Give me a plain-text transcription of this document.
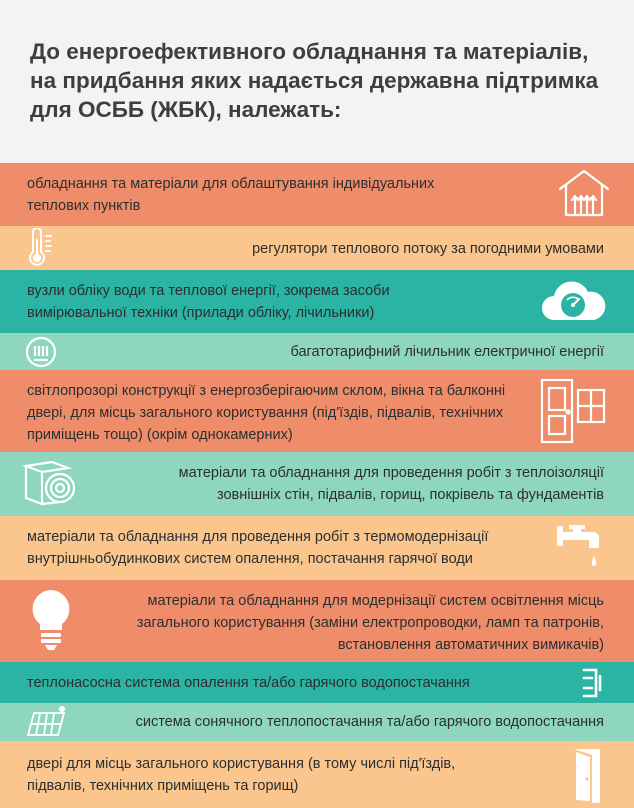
До енергоефективного обладнання та матеріалів, на придбання яких надається державна підтримка для ОСББ (ЖБК), належать:
обладнання та матеріали для облаштування індивідуальних теплових пунктів
регулятори теплового потоку за погодними умовами
вузли обліку води та теплової енергії, зокрема засоби вимірювальної техніки (прилади обліку, лічильники)
багатотарифний лічильник електричної енергії
світлопрозорі конструкції з енергозберігаючим склом, вікна та балконні двері, для місць загального користування (під'їздів, підвалів, технічних приміщень тощо) (окрім однокамерних)
матеріали та обладнання для проведення робіт з теплоізоляції зовнішніх стін, підвалів, горищ, покрівель та фундаментів
матеріали та обладнання для проведення робіт з термомодернізації внутрішньобудинкових систем опалення, постачання гарячої води
матеріали та обладнання для модернізації систем освітлення місць загального користування (заміни електропроводки, ламп та патронів, встановлення автоматичних вимикачів)
теплонасосна система опалення та/або гарячого водопостачання
система сонячного теплопостачання та/або гарячого водопостачання
двері для місць загального користування (в тому числі під'їздів, підвалів, технічних приміщень та горищ)
